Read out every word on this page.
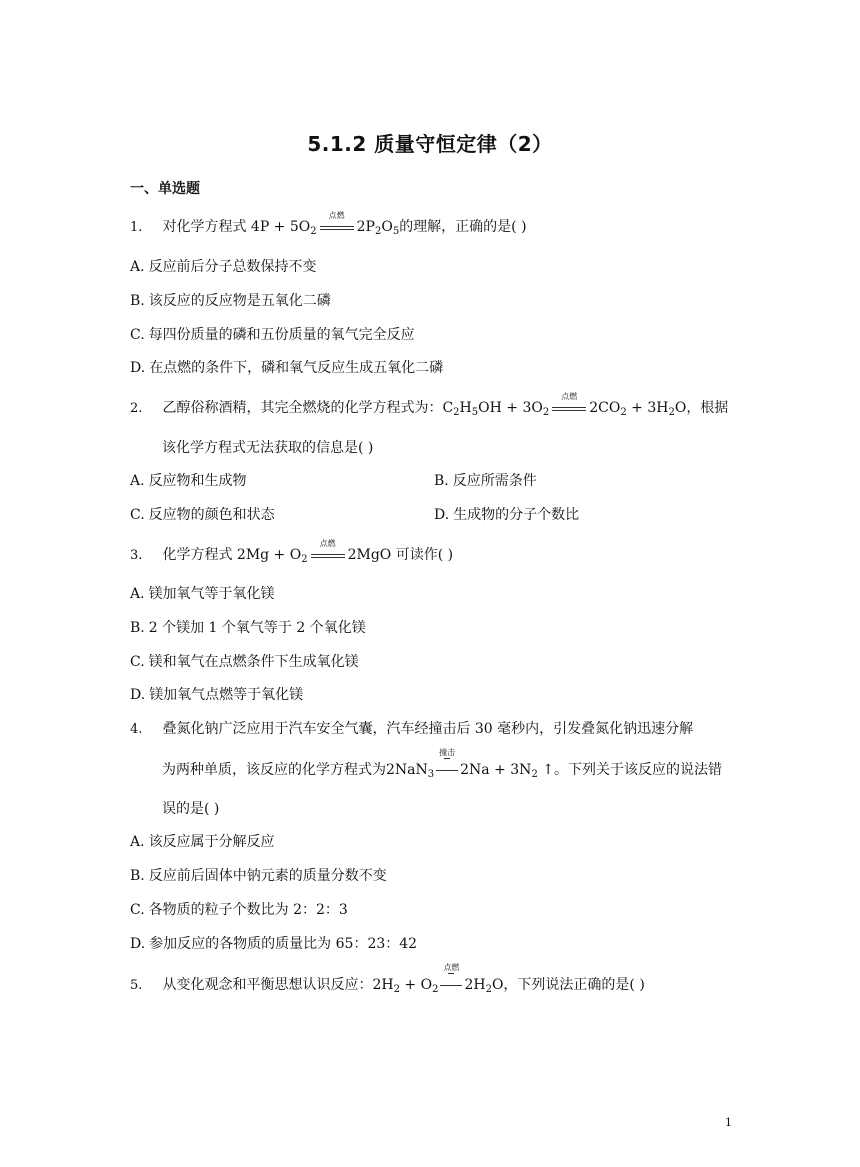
5.1.2 质量守恒定律（2）
一、单选题
1. 对化学方程式 $4P + 5O_2$
点燃
$2P_2O_5$的理解，正确的是( )
A. 反应前后分子总数保持不变
B. 该反应的反应物是五氧化二磷
C. 每四份质量的磷和五份质量的氧气完全反应
D. 在点燃的条件下，磷和氧气反应生成五氧化二磷
2. 乙醇俗称酒精，其完全燃烧的化学方程式为：$C_2H_5OH + 3O_2$
点燃
$2CO_2 + 3H_2O$，根据
该化学方程式无法获取的信息是( )
A. 反应物和生成物	B. 反应所需条件
C. 反应物的颜色和状态	D. 生成物的分子个数比
3. 化学方程式 $2Mg + O_2$
点燃
2MgO 可读作( )
A. 镁加氧气等于氧化镁
B. 2 个镁加 1 个氧气等于 2 个氧化镁
C. 镁和氧气在点燃条件下生成氧化镁
D. 镁加氧气点燃等于氧化镁
4. 叠氮化钠广泛应用于汽车安全气囊，汽车经撞击后 30 毫秒内，引发叠氮化钠迅速分解
为两种单质，该反应的化学方程式为2NaN$_3$
撞击
$2Na + 3N_2$ ↑。下列关于该反应的说法错
误的是( )
A. 该反应属于分解反应
B. 反应前后固体中钠元素的质量分数不变
C. 各物质的粒子个数比为 2：2：3
D. 参加反应的各物质的质量比为 65：23：42
5. 从变化观念和平衡思想认识反应：$2H_2 + O_2$
点燃
$2H_2O$，下列说法正确的是( )
1
